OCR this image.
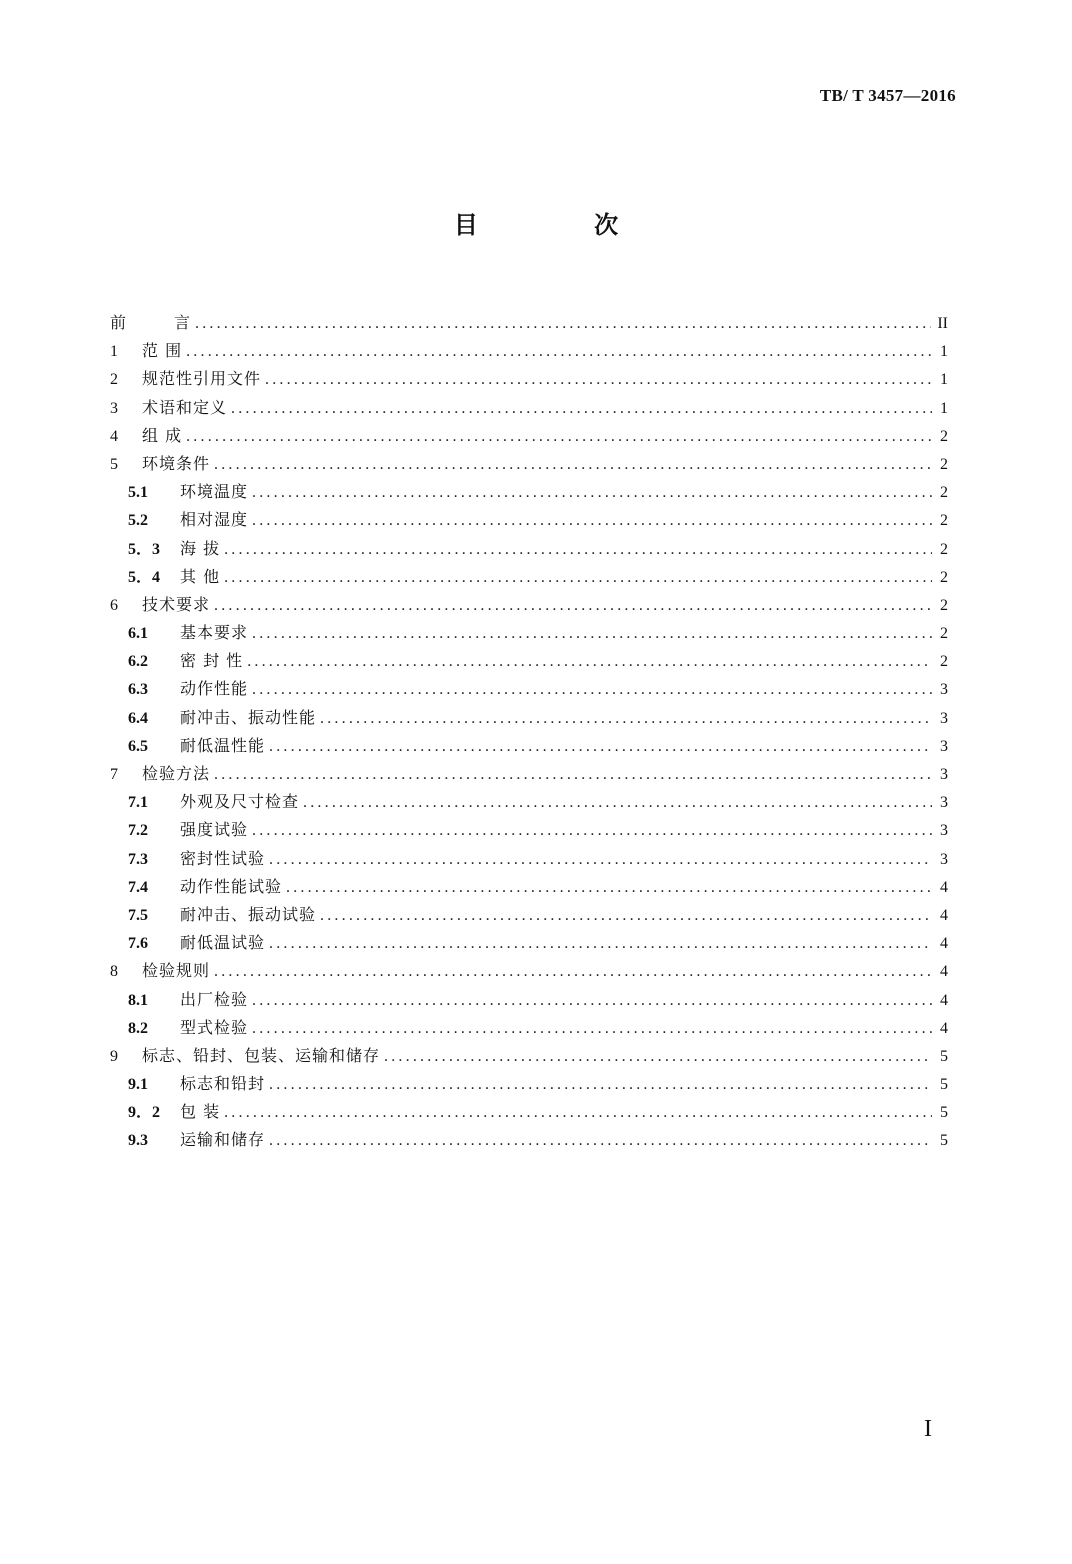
TB/ T 3457—2016
目 次
前	言 .....	II
1	范 围 .....	1
2	规范性引用文件 .....	1
3	术语和定义 .....	1
4	组 成 .....	2
5	环境条件 .....	2
5.1	环境温度 .....	2
5.2	相对湿度 .....	2
5．3	海 拔 .....	2
5．4	其 他 .....	2
6	技术要求 .....	2
6.1	基本要求 .....	2
6.2	密 封 性 .....	2
6.3	动作性能 .....	3
6.4	耐冲击、振动性能 .....	3
6.5	耐低温性能 .....	3
7	检验方法 .....	3
7.1	外观及尺寸检查 .....	3
7.2	强度试验 .....	3
7.3	密封性试验 .....	3
7.4	动作性能试验 .....	4
7.5	耐冲击、振动试验 .....	4
7.6	耐低温试验 .....	4
8	检验规则 .....	4
8.1	出厂检验 .....	4
8.2	型式检验 .....	4
9	标志、铅封、包装、运输和储存 .....	5
9.1	标志和铅封 .....	5
9．2	包 装 .....	5
9.3	运输和储存 .....	5
I
